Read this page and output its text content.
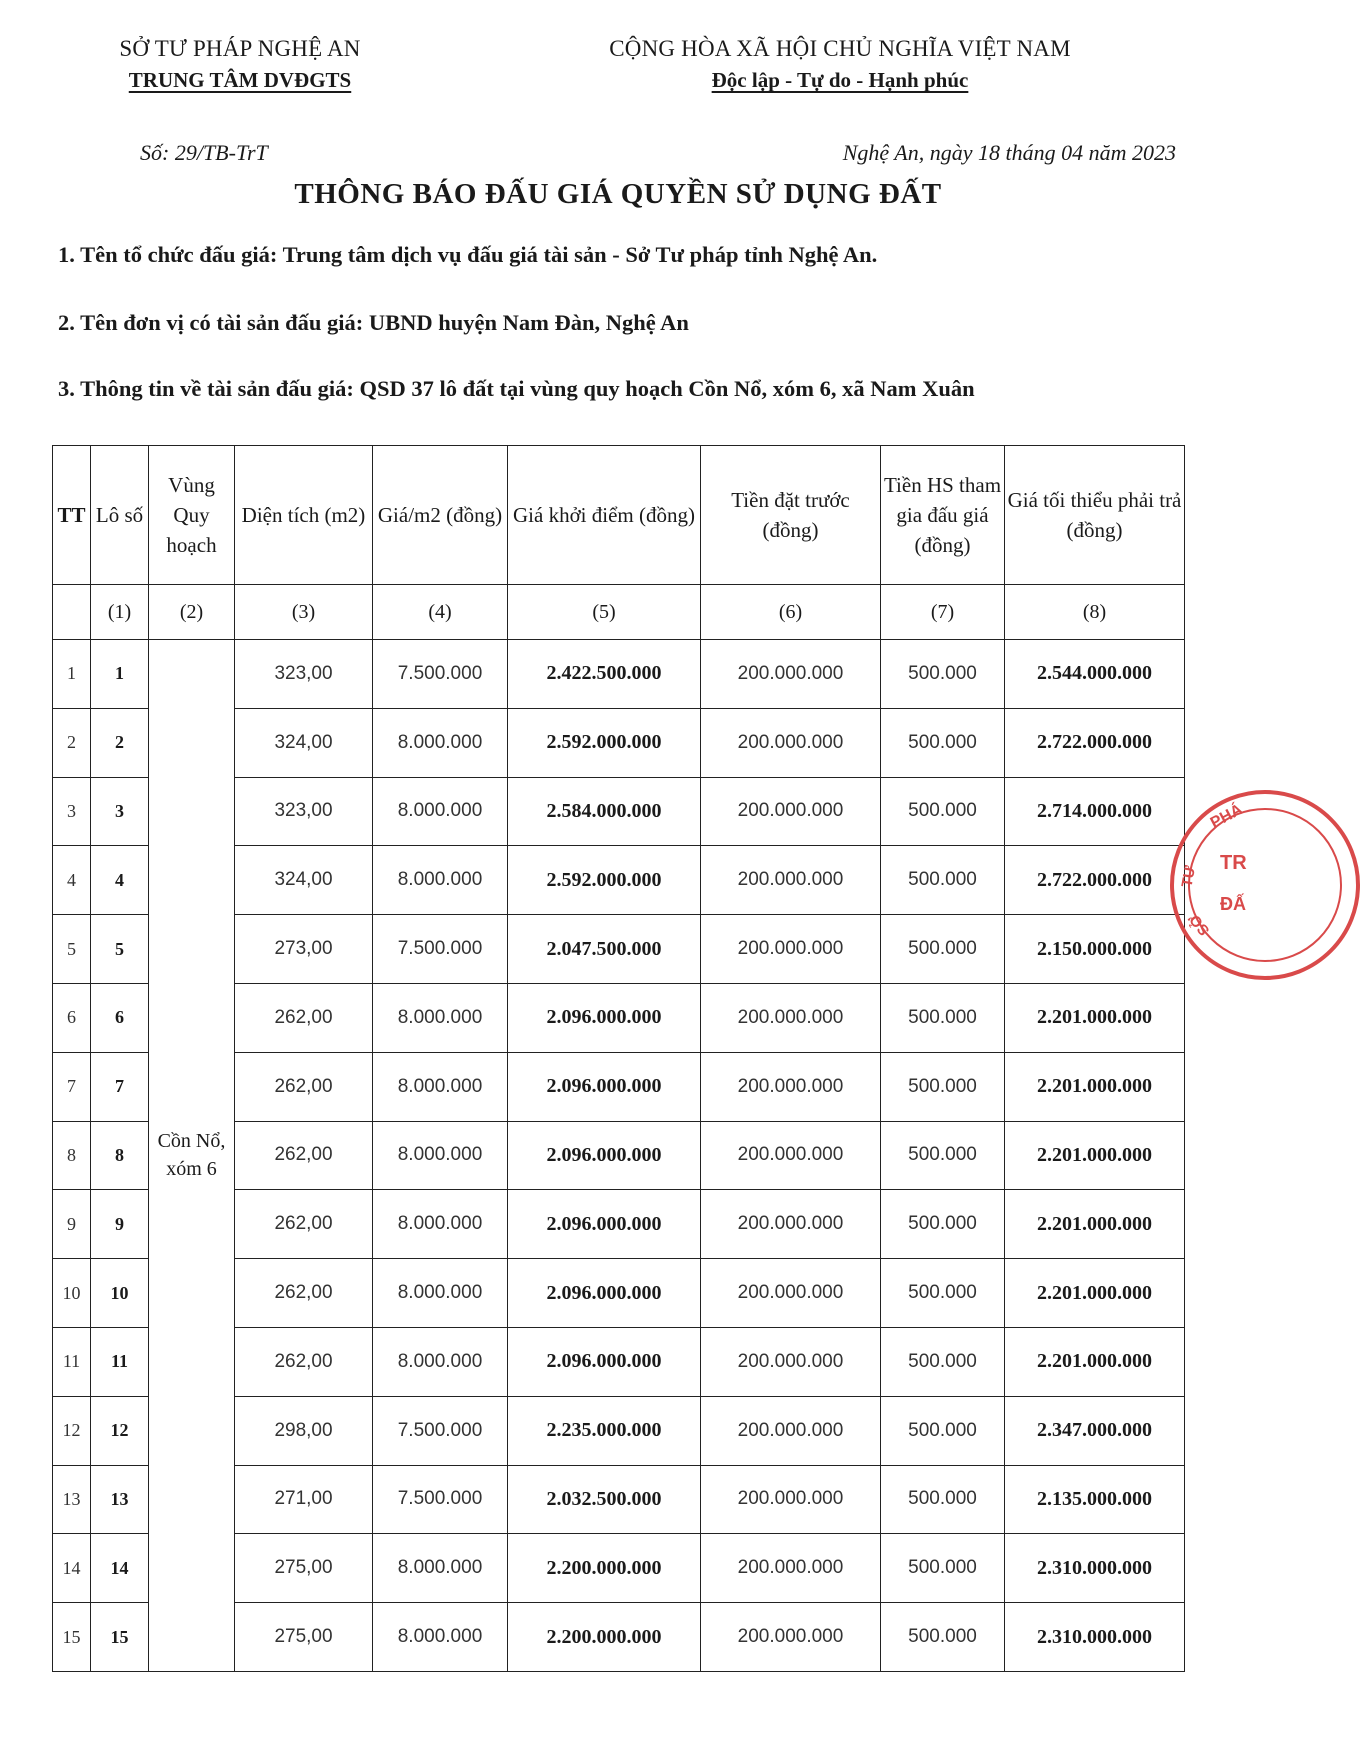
SỞ TƯ PHÁP NGHỆ AN
TRUNG TÂM DVĐGTS
CỘNG HÒA XÃ HỘI CHỦ NGHĨA VIỆT NAM
Độc lập - Tự do - Hạnh phúc
Số: 29/TB-TrT	Nghệ An, ngày 18 tháng 04 năm 2023
THÔNG BÁO ĐẤU GIÁ QUYỀN SỬ DỤNG ĐẤT
1. Tên tổ chức đấu giá: Trung tâm dịch vụ đấu giá tài sản - Sở Tư pháp tỉnh Nghệ An.
2. Tên đơn vị có tài sản đấu giá: UBND huyện Nam Đàn, Nghệ An
3. Thông tin về tài sản đấu giá: QSD 37 lô đất tại vùng quy hoạch Cồn Nổ, xóm 6, xã Nam Xuân
TT	Lô số	Vùng Quy hoạch	Diện tích (m2)	Giá/m2 (đồng)	Giá khởi điểm (đồng)	Tiền đặt trước (đồng)	Tiền HS tham gia đấu giá (đồng)	Giá tối thiểu phải trả (đồng)
	(1)	(2)	(3)	(4)	(5)	(6)	(7)	(8)
1	1	Cồn Nổ, xóm 6	323,00	7.500.000	2.422.500.000	200.000.000	500.000	2.544.000.000
2	2		324,00	8.000.000	2.592.000.000	200.000.000	500.000	2.722.000.000
3	3		323,00	8.000.000	2.584.000.000	200.000.000	500.000	2.714.000.000
4	4		324,00	8.000.000	2.592.000.000	200.000.000	500.000	2.722.000.000
5	5		273,00	7.500.000	2.047.500.000	200.000.000	500.000	2.150.000.000
6	6		262,00	8.000.000	2.096.000.000	200.000.000	500.000	2.201.000.000
7	7		262,00	8.000.000	2.096.000.000	200.000.000	500.000	2.201.000.000
8	8		262,00	8.000.000	2.096.000.000	200.000.000	500.000	2.201.000.000
9	9		262,00	8.000.000	2.096.000.000	200.000.000	500.000	2.201.000.000
10	10		262,00	8.000.000	2.096.000.000	200.000.000	500.000	2.201.000.000
11	11		262,00	8.000.000	2.096.000.000	200.000.000	500.000	2.201.000.000
12	12		298,00	7.500.000	2.235.000.000	200.000.000	500.000	2.347.000.000
13	13		271,00	7.500.000	2.032.500.000	200.000.000	500.000	2.135.000.000
14	14		275,00	8.000.000	2.200.000.000	200.000.000	500.000	2.310.000.000
15	15		275,00	8.000.000	2.200.000.000	200.000.000	500.000	2.310.000.000
PHÁ
TƯ
SỞ
TR
ĐẤ
